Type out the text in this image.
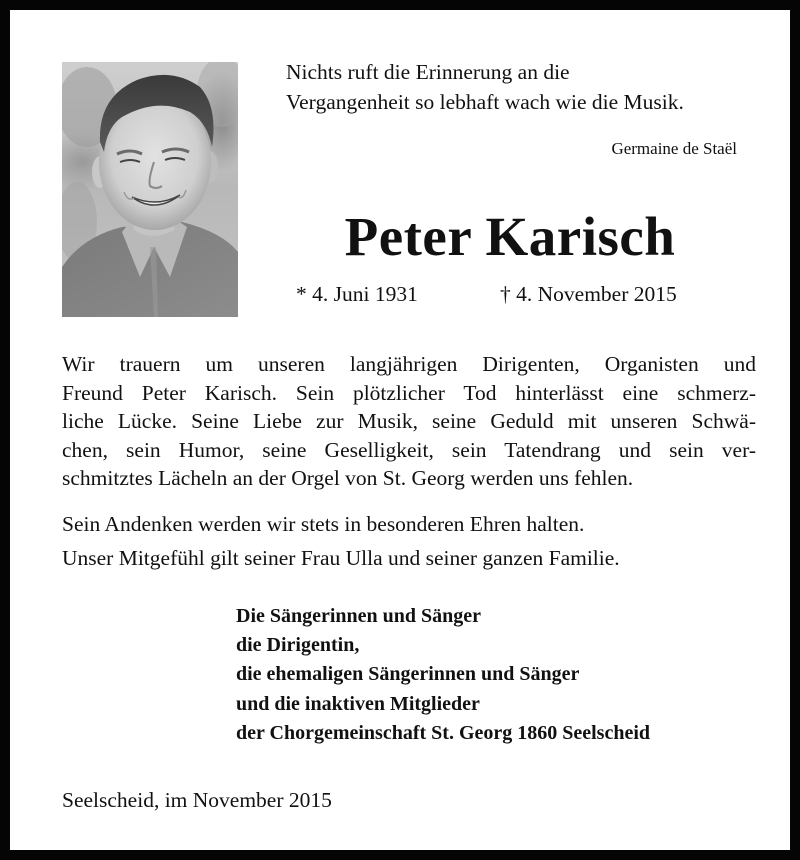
Nichts ruft die Erinnerung an die
Vergangenheit so lebhaft wach wie die Musik.
Germaine de Staël
Peter Karisch
* 4. Juni 1931	† 4. November 2015
Wir trauern um unseren langjährigen Dirigenten, Organisten und
Freund Peter Karisch. Sein plötzlicher Tod hinterlässt eine schmerz-
liche Lücke. Seine Liebe zur Musik, seine Geduld mit unseren Schwä-
chen, sein Humor, seine Geselligkeit, sein Tatendrang und sein ver-
schmitztes Lächeln an der Orgel von St. Georg werden uns fehlen.
Sein Andenken werden wir stets in besonderen Ehren halten.
Unser Mitgefühl gilt seiner Frau Ulla und seiner ganzen Familie.
Die Sängerinnen und Sänger
die Dirigentin,
die ehemaligen Sängerinnen und Sänger
und die inaktiven Mitglieder
der Chorgemeinschaft St. Georg 1860 Seelscheid
Seelscheid, im November 2015
